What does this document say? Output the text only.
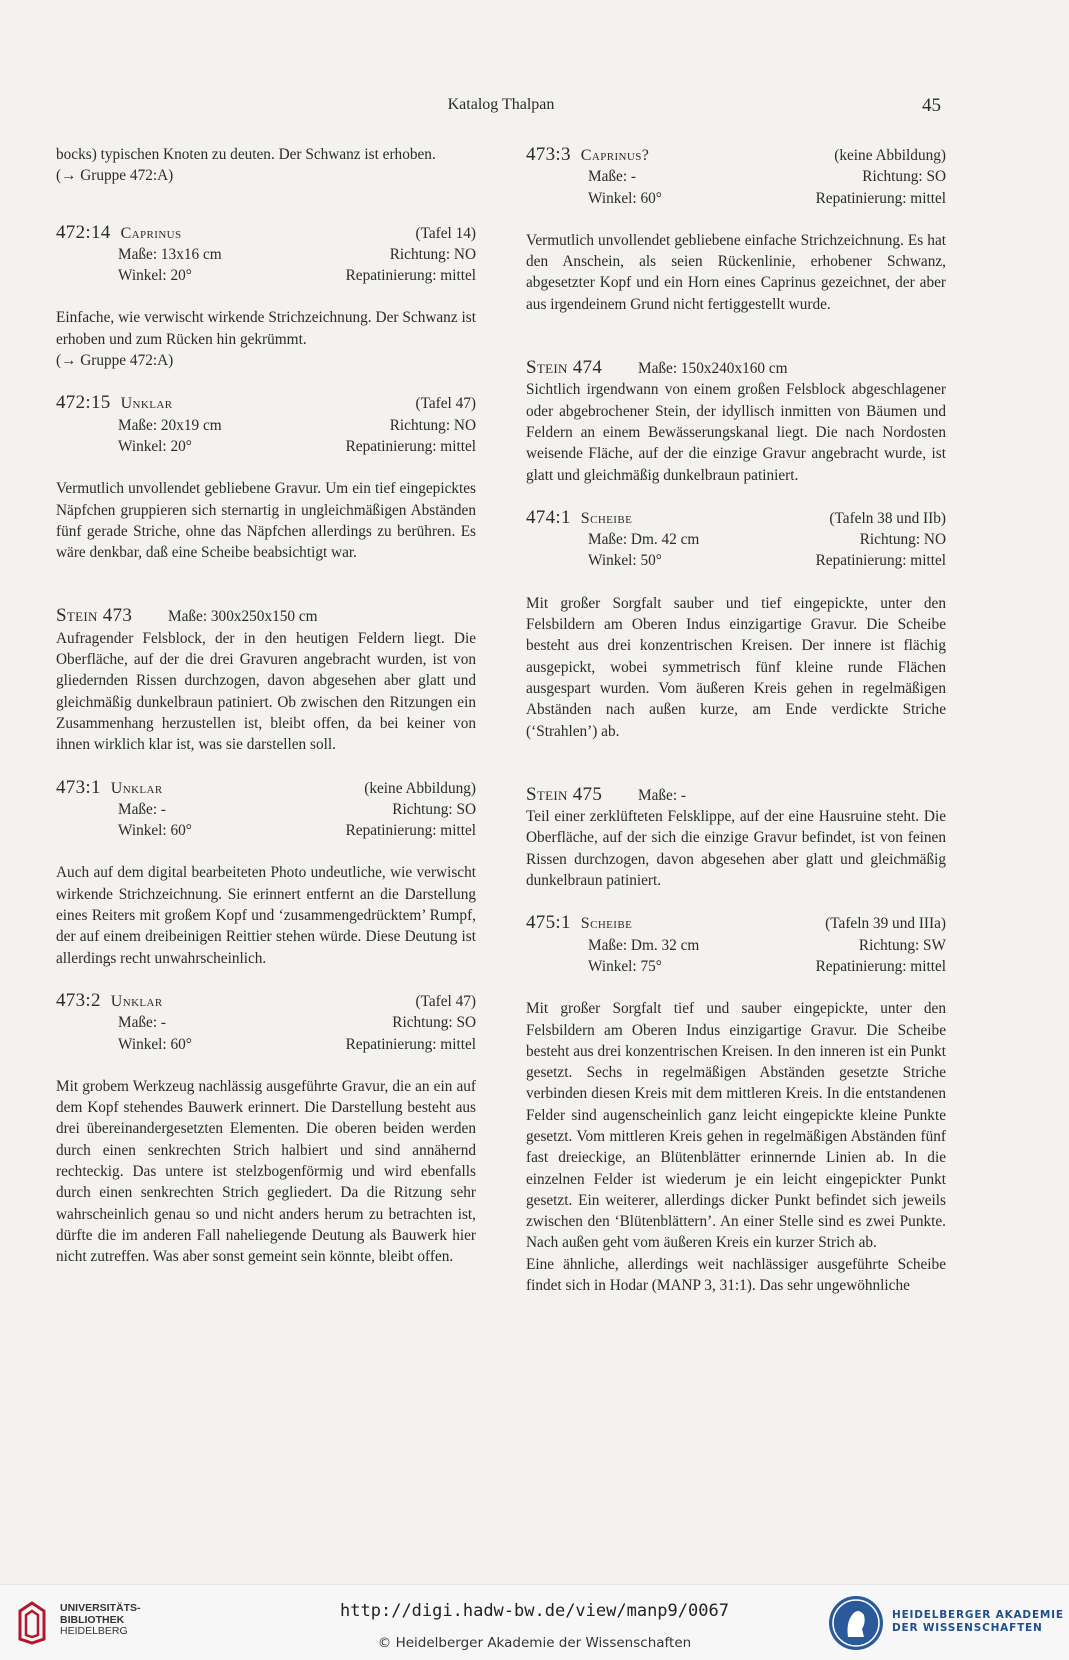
Katalog Thalpan	45

bocks) typischen Knoten zu deuten. Der Schwanz ist erhoben.

(→ Gruppe 472:A)
472:14 Caprinus	(Tafel 14)
Maße: 13x16 cm	Richtung: NO
Winkel: 20°	Repatinierung: mittel

Einfache, wie verwischt wirkende Strichzeichnung. Der Schwanz ist erhoben und zum Rücken hin gekrümmt.

(→ Gruppe 472:A)
472:15 Unklar	(Tafel 47)
Maße: 20x19 cm	Richtung: NO
Winkel: 20°	Repatinierung: mittel

Vermutlich unvollendet gebliebene Gravur. Um ein tief eingepicktes Näpfchen gruppieren sich sternartig in ungleichmäßigen Abständen fünf gerade Striche, ohne das Näpfchen allerdings zu berühren. Es wäre denkbar, daß eine Scheibe beabsichtigt war.

Stein 473	Maße: 300x250x150 cm

Aufragender Felsblock, der in den heutigen Feldern liegt. Die Oberfläche, auf der die drei Gravuren angebracht wurden, ist von gliedernden Rissen durchzogen, davon abgesehen aber glatt und gleichmäßig dunkelbraun patiniert. Ob zwischen den Ritzungen ein Zusammenhang herzustellen ist, bleibt offen, da bei keiner von ihnen wirklich klar ist, was sie darstellen soll.

473:1 Unklar	(keine Abbildung)
Maße: -	Richtung: SO
Winkel: 60°	Repatinierung: mittel

Auch auf dem digital bearbeiteten Photo undeutliche, wie verwischt wirkende Strichzeichnung. Sie erinnert entfernt an die Darstellung eines Reiters mit großem Kopf und ‘zusammengedrücktem’ Rumpf, der auf einem dreibeinigen Reittier stehen würde. Diese Deutung ist allerdings recht unwahrscheinlich.

473:2 Unklar	(Tafel 47)
Maße: -	Richtung: SO
Winkel: 60°	Repatinierung: mittel

Mit grobem Werkzeug nachlässig ausgeführte Gravur, die an ein auf dem Kopf stehendes Bauwerk erinnert. Die Darstellung besteht aus drei übereinandergesetzten Elementen. Die oberen beiden werden durch einen senkrechten Strich halbiert und sind annähernd rechteckig. Das untere ist stelzbogenförmig und wird ebenfalls durch einen senkrechten Strich gegliedert. Da die Ritzung sehr wahrscheinlich genau so und nicht anders herum zu betrachten ist, dürfte die im anderen Fall naheliegende Deutung als Bauwerk hier nicht zutreffen. Was aber sonst gemeint sein könnte, bleibt offen.

473:3 Caprinus?	(keine Abbildung)
Maße: -	Richtung: SO
Winkel: 60°	Repatinierung: mittel

Vermutlich unvollendet gebliebene einfache Strichzeichnung. Es hat den Anschein, als seien Rückenlinie, erhobener Schwanz, abgesetzter Kopf und ein Horn eines Caprinus gezeichnet, der aber aus irgendeinem Grund nicht fertiggestellt wurde.

Stein 474	Maße: 150x240x160 cm

Sichtlich irgendwann von einem großen Felsblock abgeschlagener oder abgebrochener Stein, der idyllisch inmitten von Bäumen und Feldern an einem Bewässerungskanal liegt. Die nach Nordosten weisende Fläche, auf der die einzige Gravur angebracht wurde, ist glatt und gleichmäßig dunkelbraun patiniert.

474:1 Scheibe	(Tafeln 38 und IIb)
Maße: Dm. 42 cm	Richtung: NO
Winkel: 50°	Repatinierung: mittel

Mit großer Sorgfalt sauber und tief eingepickte, unter den Felsbildern am Oberen Indus einzigartige Gravur. Die Scheibe besteht aus drei konzentrischen Kreisen. Der innere ist flächig ausgepickt, wobei symmetrisch fünf kleine runde Flächen ausgespart wurden. Vom äußeren Kreis gehen in regelmäßigen Abständen nach außen kurze, am Ende verdickte Striche (‘Strahlen’) ab.

Stein 475	Maße: -

Teil einer zerklüfteten Felsklippe, auf der eine Hausruine steht. Die Oberfläche, auf der sich die einzige Gravur befindet, ist von feinen Rissen durchzogen, davon abgesehen aber glatt und gleichmäßig dunkelbraun patiniert.

475:1 Scheibe	(Tafeln 39 und IIIa)
Maße: Dm. 32 cm	Richtung: SW
Winkel: 75°	Repatinierung: mittel

Mit großer Sorgfalt tief und sauber eingepickte, unter den Felsbildern am Oberen Indus einzigartige Gravur. Die Scheibe besteht aus drei konzentrischen Kreisen. In den inneren ist ein Punkt gesetzt. Sechs in regelmäßigen Abständen gesetzte Striche verbinden diesen Kreis mit dem mittleren Kreis. In die entstandenen Felder sind augenscheinlich ganz leicht eingepickte kleine Punkte gesetzt. Vom mittleren Kreis gehen in regelmäßigen Abständen fünf fast dreieckige, an Blütenblätter erinnernde Linien ab. In die einzelnen Felder ist wiederum je ein leicht eingepickter Punkt gesetzt. Ein weiterer, allerdings dicker Punkt befindet sich jeweils zwischen den ‘Blütenblättern’. An einer Stelle sind es zwei Punkte. Nach außen geht vom äußeren Kreis ein kurzer Strich ab.

Eine ähnliche, allerdings weit nachlässiger ausgeführte Scheibe findet sich in Hodar (MANP 3, 31:1). Das sehr ungewöhnliche

UNIVERSITÄTS-
BIBLIOTHEK
HEIDELBERG
http://digi.hadw-bw.de/view/manp9/0067
© Heidelberger Akademie der Wissenschaften
HEIDELBERGER AKADEMIE
DER WISSENSCHAFTEN
